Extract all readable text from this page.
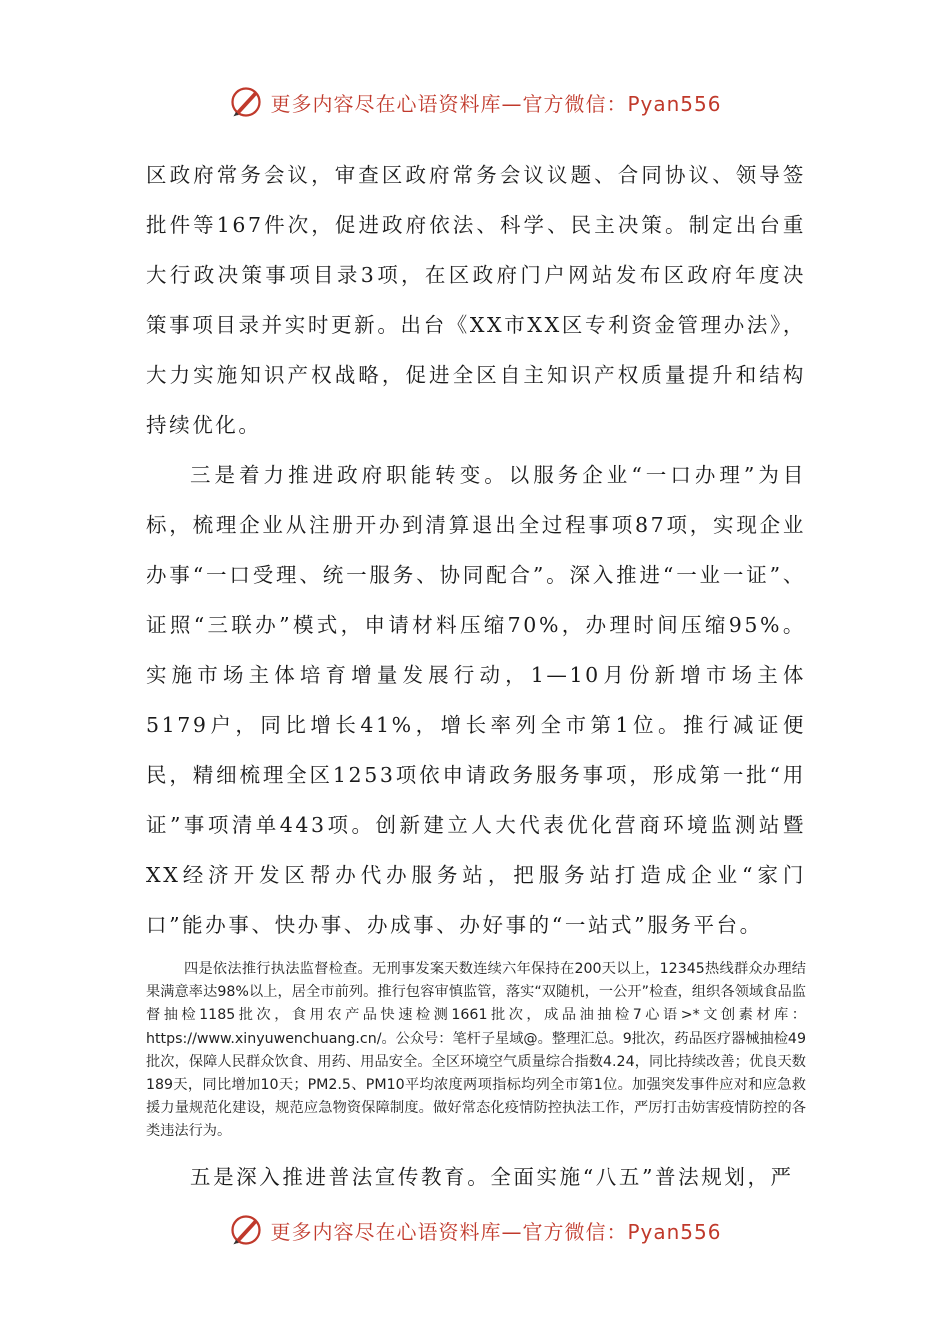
更多内容尽在心语资料库—官方微信：Pyan556

区政府常务会议，审查区政府常务会议议题、合同协议、领导签批件等167件次，促进政府依法、科学、民主决策。制定出台重大行政决策事项目录3项，在区政府门户网站发布区政府年度决策事项目录并实时更新。出台《XX市XX区专利资金管理办法》，大力实施知识产权战略，促进全区自主知识产权质量提升和结构持续优化。

三是着力推进政府职能转变。以服务企业“一口办理”为目标，梳理企业从注册开办到清算退出全过程事项87项，实现企业办事“一口受理、统一服务、协同配合”。深入推进“一业一证”、证照“三联办”模式，申请材料压缩70%，办理时间压缩95%。实施市场主体培育增量发展行动，1—10月份新增市场主体5179户，同比增长41%，增长率列全市第1位。推行减证便民，精细梳理全区1253项依申请政务服务事项，形成第一批“用证”事项清单443项。创新建立人大代表优化营商环境监测站暨XX经济开发区帮办代办服务站，把服务站打造成企业“家门口”能办事、快办事、办成事、办好事的“一站式”服务平台。

四是依法推行执法监督检查。无刑事发案天数连续六年保持在200天以上，12345热线群众办理结果满意率达98%以上，居全市前列。推行包容审慎监管，落实“双随机，一公开”检查，组织各领域食品监督抽检1185批次，食用农产品快速检测1661批次，成品油抽检7心语>*文创素材库：https://www.xinyuwenchuang.cn/。公众号：笔杆子星域@。整理汇总。9批次，药品医疗器械抽检49批次，保障人民群众饮食、用药、用品安全。全区环境空气质量综合指数4.24，同比持续改善；优良天数189天，同比增加10天；PM2.5、PM10平均浓度两项指标均列全市第1位。加强突发事件应对和应急救援力量规范化建设，规范应急物资保障制度。做好常态化疫情防控执法工作，严厉打击妨害疫情防控的各类违法行为。

五是深入推进普法宣传教育。全面实施“八五”普法规划，严

更多内容尽在心语资料库—官方微信：Pyan556
